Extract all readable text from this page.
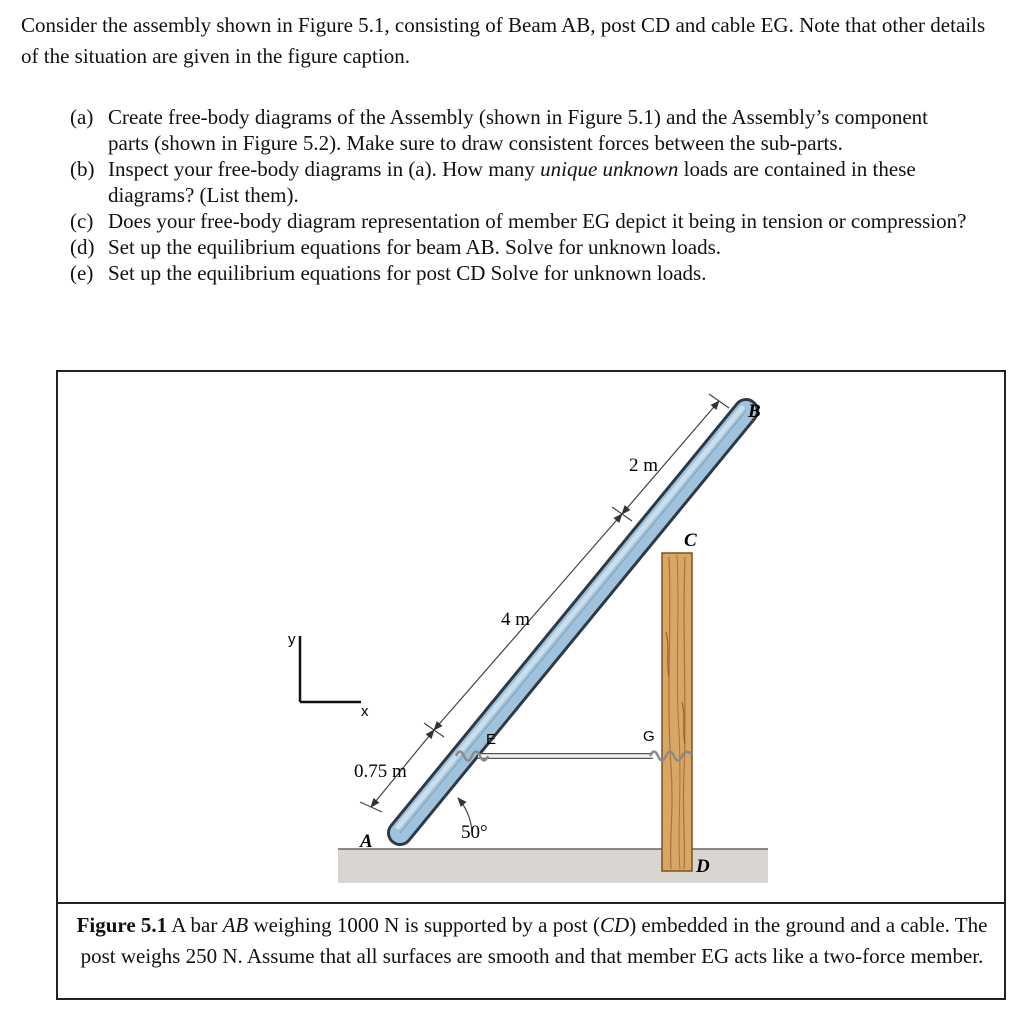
Consider the assembly shown in Figure 5.1, consisting of Beam AB, post CD and cable EG. Note that other details of the situation are given in the figure caption.
(a) Create free-body diagrams of the Assembly (shown in Figure 5.1) and the Assembly’s component parts (shown in Figure 5.2). Make sure to draw consistent forces between the sub-parts.
(b) Inspect your free-body diagrams in (a). How many unique unknown loads are contained in these diagrams? (List them).
(c) Does your free-body diagram representation of member EG depict it being in tension or compression?
(d) Set up the equilibrium equations for beam AB. Solve for unknown loads.
(e) Set up the equilibrium equations for post CD Solve for unknown loads.
y
x
A
B
C
D
E	G
2 m
4 m
0.75 m
50°
Figure 5.1 A bar AB weighing 1000 N is supported by a post (CD) embedded in the ground and a cable. The post weighs 250 N. Assume that all surfaces are smooth and that member EG acts like a two-force member.
